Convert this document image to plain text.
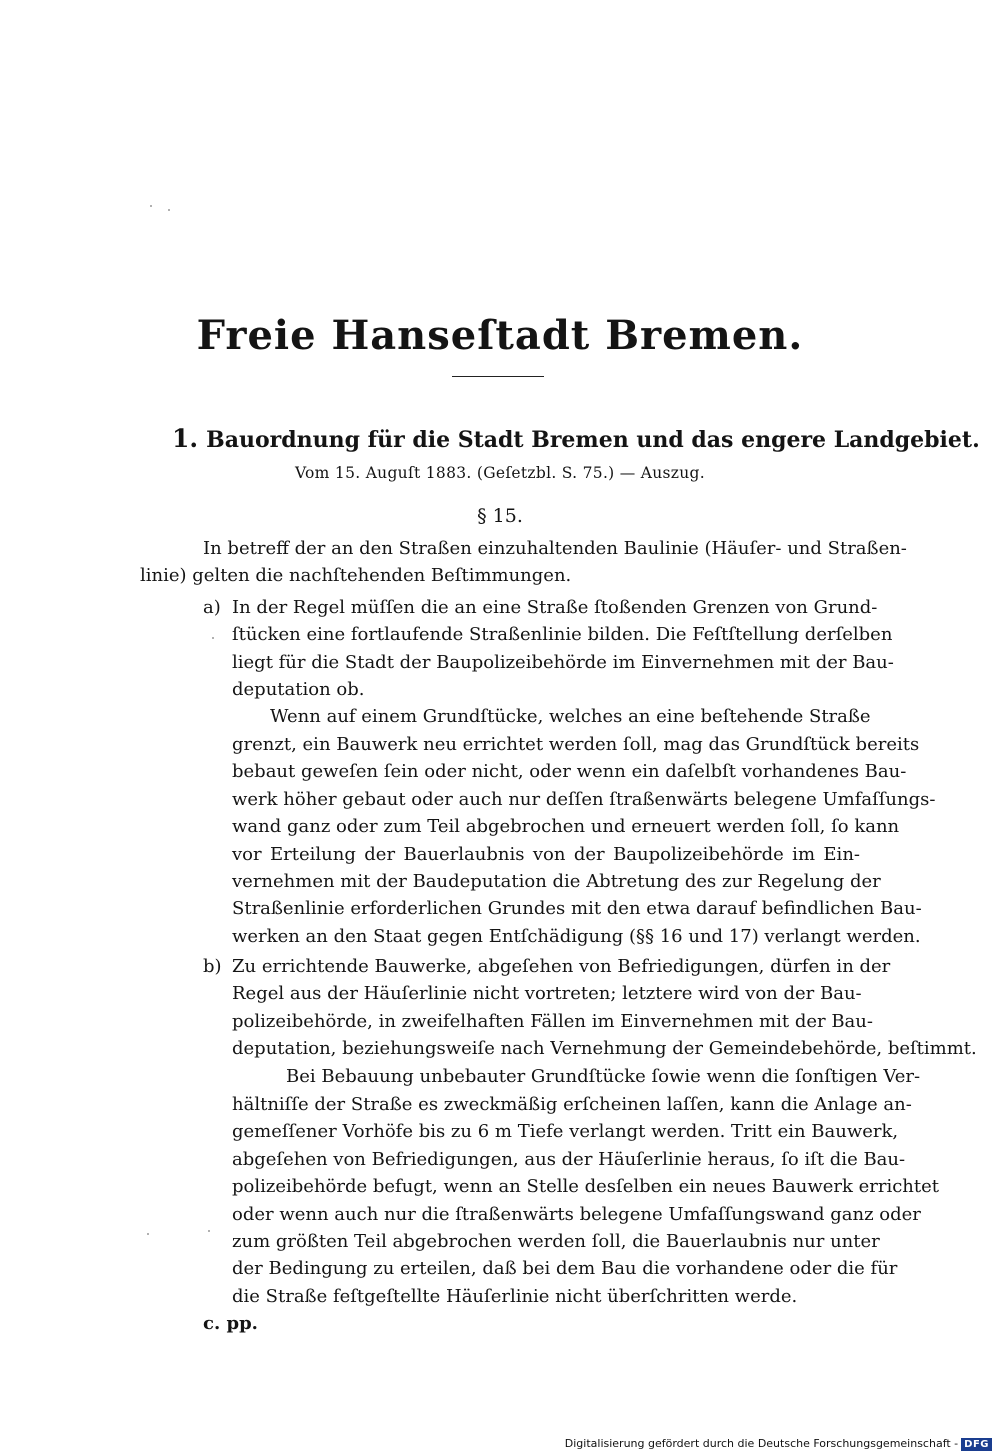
Freie Hanseſtadt Bremen.
1. Bauordnung für die Stadt Bremen und das engere Landgebiet.
Vom 15. Auguſt 1883. (Geſetzbl. S. 75.) — Auszug.
§ 15.
In betreff der an den Straßen einzuhaltenden Baulinie (Häuſer- und Straßen-
linie) gelten die nachſtehenden Beſtimmungen.
a) In der Regel müſſen die an eine Straße ſtoßenden Grenzen von Grund-
ſtücken eine fortlaufende Straßenlinie bilden. Die Feſtſtellung derſelben
liegt für die Stadt der Baupolizeibehörde im Einvernehmen mit der Bau-
deputation ob.
Wenn auf einem Grundſtücke, welches an eine beſtehende Straße
grenzt, ein Bauwerk neu errichtet werden ſoll, mag das Grundſtück bereits
bebaut geweſen ſein oder nicht, oder wenn ein daſelbſt vorhandenes Bau-
werk höher gebaut oder auch nur deſſen ſtraßenwärts belegene Umfaſſungs-
wand ganz oder zum Teil abgebrochen und erneuert werden ſoll, ſo kann
vor Erteilung der Bauerlaubnis von der Baupolizeibehörde im Ein-
vernehmen mit der Baudeputation die Abtretung des zur Regelung der
Straßenlinie erforderlichen Grundes mit den etwa darauf befindlichen Bau-
werken an den Staat gegen Entſchädigung (§§ 16 und 17) verlangt werden.
b) Zu errichtende Bauwerke, abgeſehen von Befriedigungen, dürfen in der
Regel aus der Häuſerlinie nicht vortreten; letztere wird von der Bau-
polizeibehörde, in zweifelhaften Fällen im Einvernehmen mit der Bau-
deputation, beziehungsweiſe nach Vernehmung der Gemeindebehörde, beſtimmt.
Bei Bebauung unbebauter Grundſtücke ſowie wenn die ſonſtigen Ver-
hältniſſe der Straße es zweckmäßig erſcheinen laſſen, kann die Anlage an-
gemeſſener Vorhöfe bis zu 6 m Tiefe verlangt werden. Tritt ein Bauwerk,
abgeſehen von Befriedigungen, aus der Häuſerlinie heraus, ſo iſt die Bau-
polizeibehörde befugt, wenn an Stelle desſelben ein neues Bauwerk errichtet
oder wenn auch nur die ſtraßenwärts belegene Umfaſſungswand ganz oder
zum größten Teil abgebrochen werden ſoll, die Bauerlaubnis nur unter
der Bedingung zu erteilen, daß bei dem Bau die vorhandene oder die für
die Straße feſtgeſtellte Häuſerlinie nicht überſchritten werde.
c. pp.
Digitalisierung gefördert durch die Deutsche Forschungsgemeinschaft - DFG
